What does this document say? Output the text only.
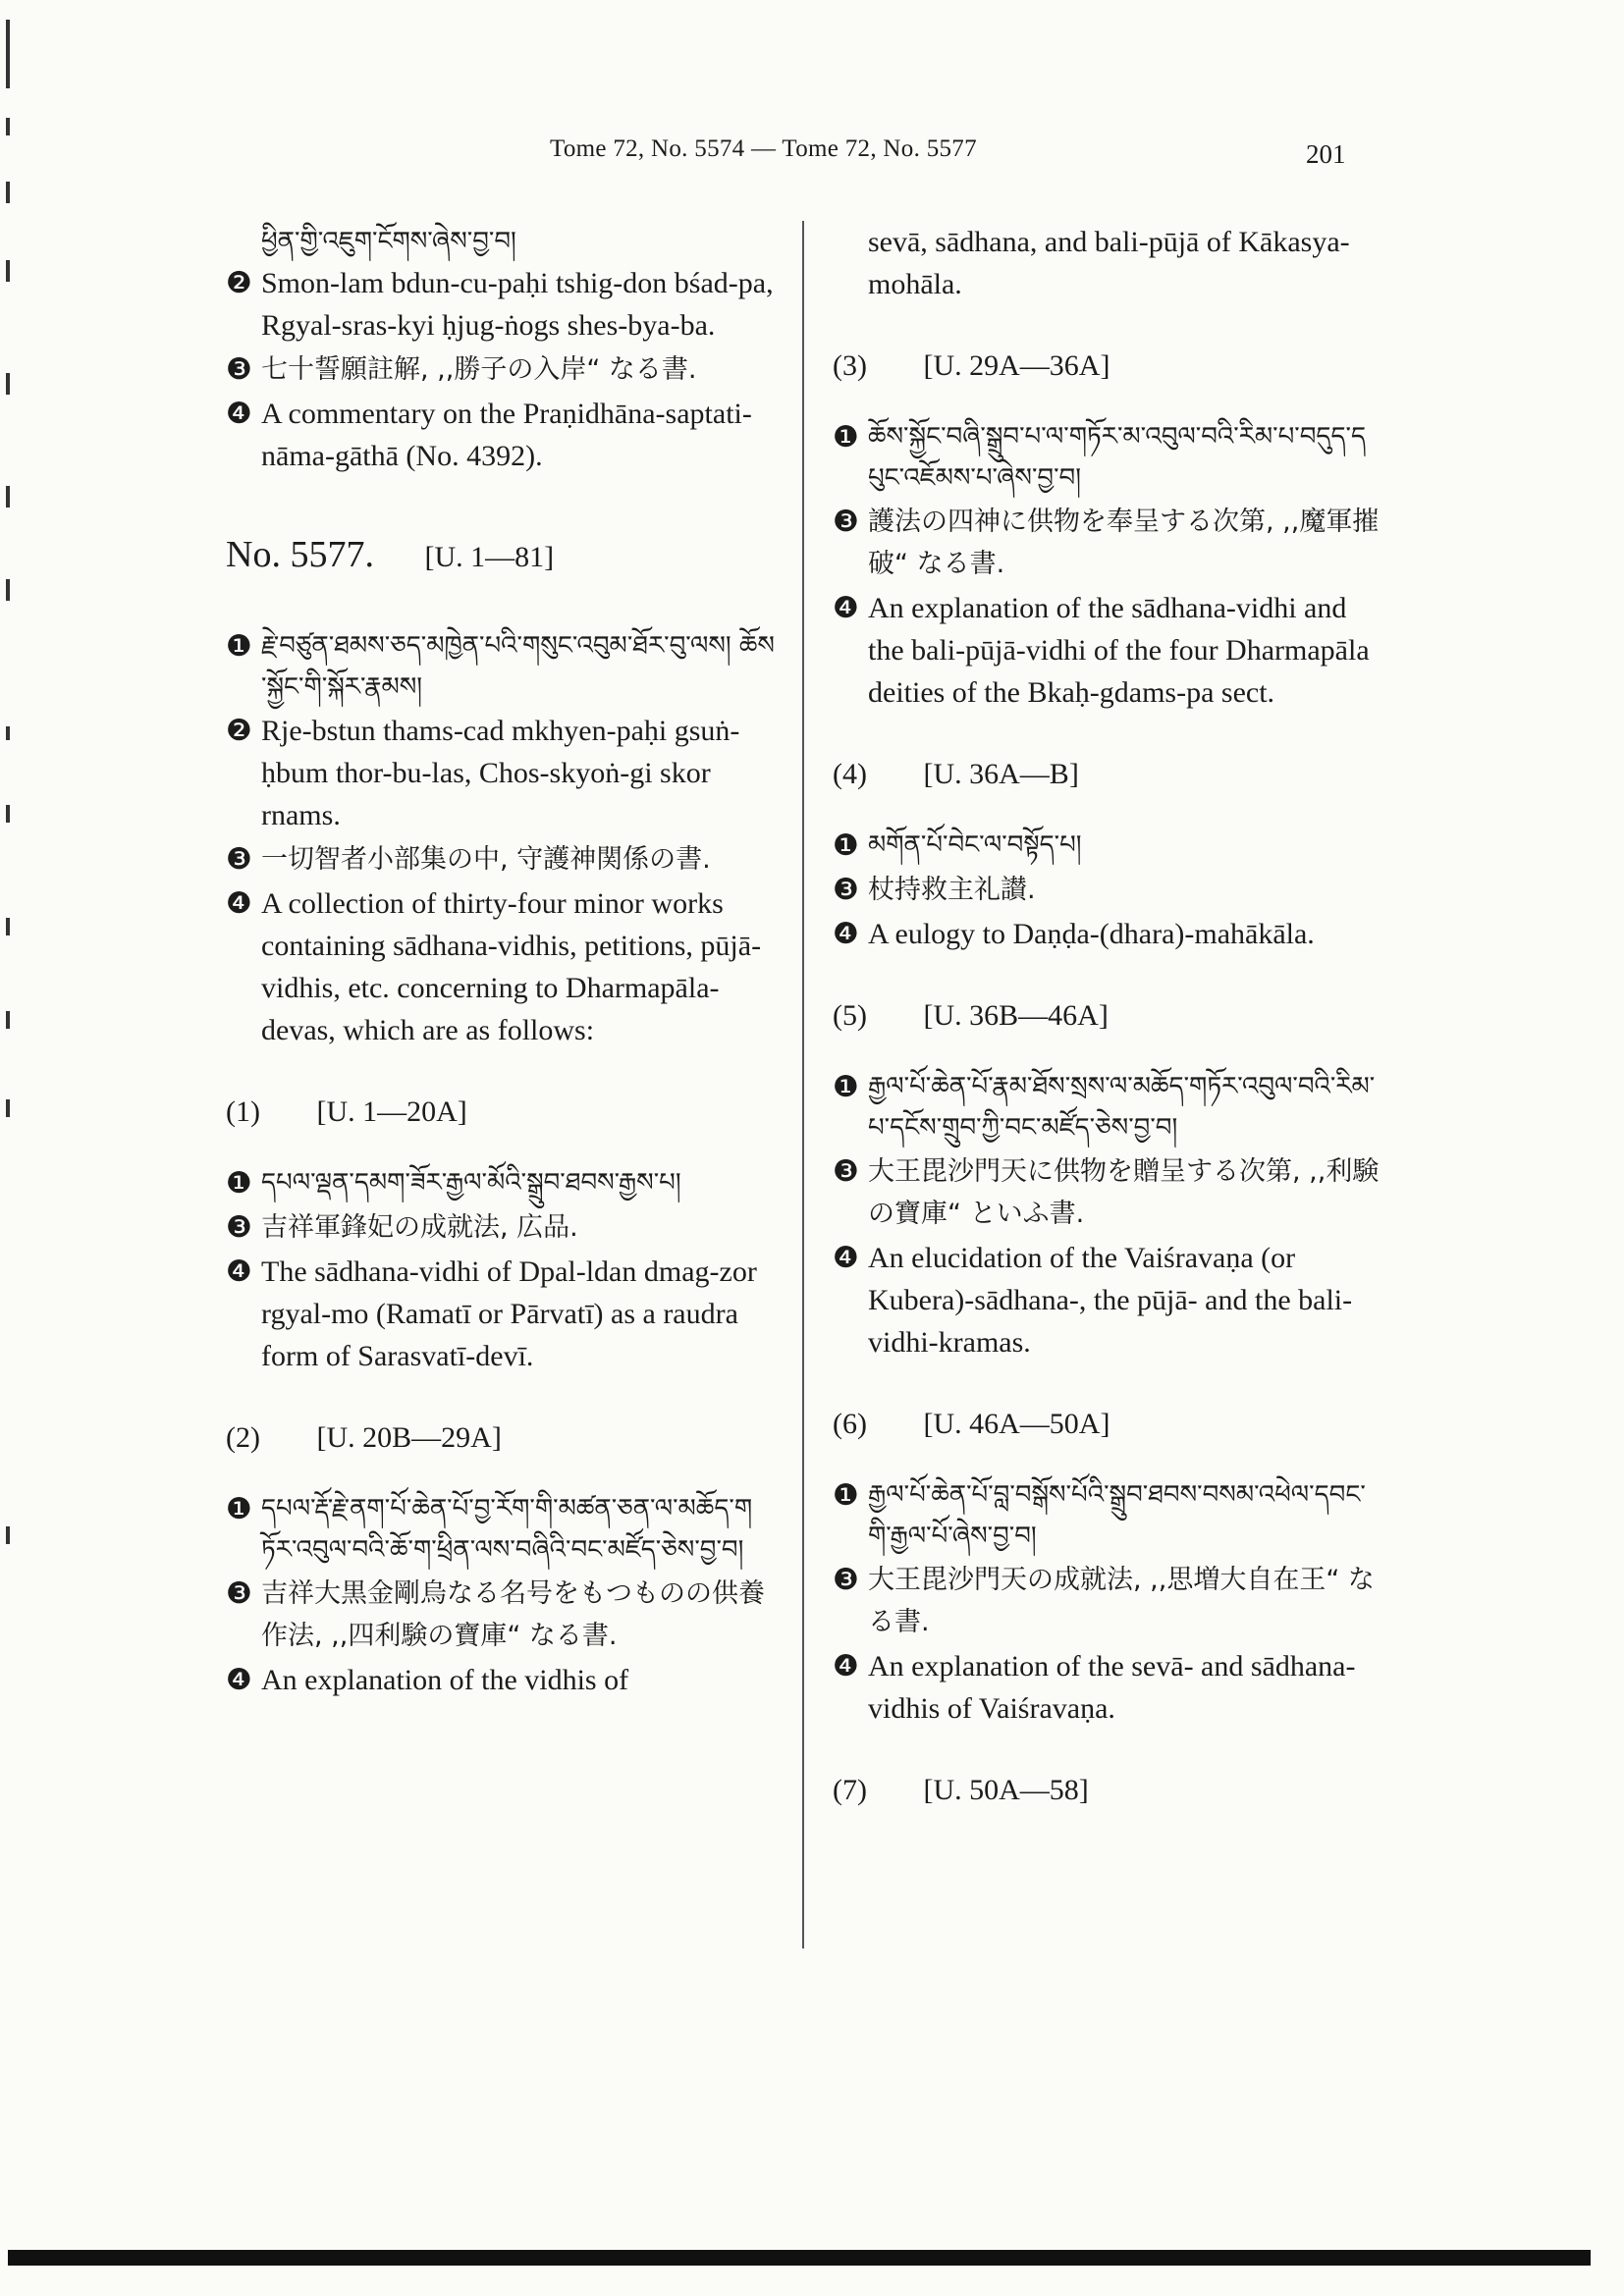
Tome 72, No. 5574 — Tome 72, No. 5577	201
ཕྱིན་གྱི་འཇུག་ངོགས་ཞེས་བྱ་བ།
❷ Smon-lam bdun-cu-paḥi tshig-don bśad-pa, Rgyal-sras-kyi ḥjug-ṅogs shes-bya-ba.
❸ 七十誓願註解, ,,勝子の入岸“ なる書.
❹ A commentary on the Praṇidhāna-saptati-nāma-gāthā (No. 4392).
No. 5577. [U. 1—81]
❶ རྗེ་བཙུན་ཐམས་ཅད་མཁྱེན་པའི་གསུང་འབུམ་ཐོར་བུ་ལས། ཆོས་སྐྱོང་གི་སྐོར་རྣམས།
❷ Rje-bstun thams-cad mkhyen-paḥi gsuṅ-ḥbum thor-bu-las, Chos-skyoṅ-gi skor rnams.
❸ 一切智者小部集の中, 守護神関係の書.
❹ A collection of thirty-four minor works containing sādhana-vidhis, petitions, pūjā-vidhis, etc. concerning to Dharmapāla-devas, which are as follows:
(1) [U. 1—20A]
❶ དཔལ་ལྡན་དམག་ཟོར་རྒྱལ་མོའི་སྒྲུབ་ཐབས་རྒྱས་པ།
❸ 吉祥軍鋒妃の成就法, 広品.
❹ The sādhana-vidhi of Dpal-ldan dmag-zor rgyal-mo (Ramatī or Pārvatī) as a raudra form of Sarasvatī-devī.
(2) [U. 20B—29A]
❶ དཔལ་རྡོ་རྗེ་ནག་པོ་ཆེན་པོ་བྱ་རོག་གི་མཚན་ཅན་ལ་མཆོད་གཏོར་འབུལ་བའི་ཆོ་ག་ཕྲིན་ལས་བཞིའི་བང་མཛོད་ཅེས་བྱ་བ།
❸ 吉祥大黒金剛烏なる名号をもつものの供養作法, ,,四利験の寶庫“ なる書.
❹ An explanation of the vidhis of
sevā, sādhana, and bali-pūjā of Kākasya-mohāla.
(3) [U. 29A—36A]
❶ ཆོས་སྐྱོང་བཞི་སྒྲུབ་པ་ལ་གཏོར་མ་འབུལ་བའི་རིམ་པ་བདུད་དཔུང་འཇོམས་པ་ཞེས་བྱ་བ།
❸ 護法の四神に供物を奉呈する次第, ,,魔軍摧破“ なる書.
❹ An explanation of the sādhana-vidhi and the bali-pūjā-vidhi of the four Dharmapāla deities of the Bkaḥ-gdams-pa sect.
(4) [U. 36A—B]
❶ མགོན་པོ་བེང་ལ་བསྟོད་པ།
❸ 杖持救主礼讃.
❹ A eulogy to Daṇḍa-(dhara)-mahākāla.
(5) [U. 36B—46A]
❶ རྒྱལ་པོ་ཆེན་པོ་རྣམ་ཐོས་སྲས་ལ་མཆོད་གཏོར་འབུལ་བའི་རིམ་པ་དངོས་གྲུབ་ཀྱི་བང་མཛོད་ཅེས་བྱ་བ།
❸ 大王毘沙門天に供物を贈呈する次第, ,,利験の寶庫“ といふ書.
❹ An elucidation of the Vaiśravaṇa (or Kubera)-sādhana-, the pūjā- and the bali-vidhi-kramas.
(6) [U. 46A—50A]
❶ རྒྱལ་པོ་ཆེན་པོ་བླ་བསྒོས་པོའི་སྒྲུབ་ཐབས་བསམ་འཕེལ་དབང་གི་རྒྱལ་པོ་ཞེས་བྱ་བ།
❸ 大王毘沙門天の成就法, ,,思増大自在王“ なる書.
❹ An explanation of the sevā- and sādhana-vidhis of Vaiśravaṇa.
(7) [U. 50A—58]
